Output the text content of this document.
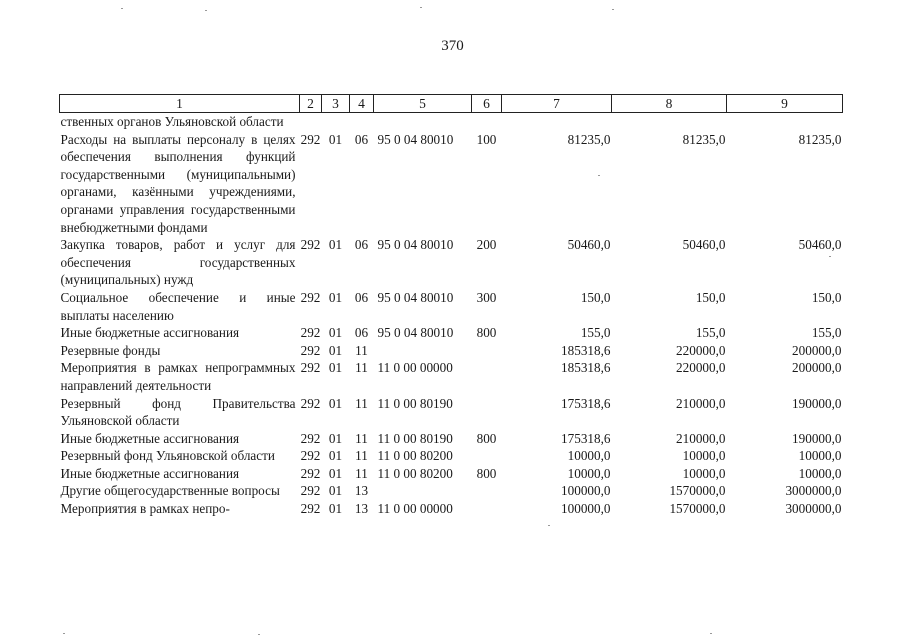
370
1	2	3	4	5	6	7	8	9
ственных органов Ульяновской области								
Расходы на выплаты персоналу в целях обеспечения выполнения функций государственными (муниципальными) органами, казёнными учреждениями, органами управления государственными внебюджетными фондами	292	01	06	95 0 04 80010	100	81235,0	81235,0	81235,0
Закупка товаров, работ и услуг для обеспечения государственных (муниципальных) нужд	292	01	06	95 0 04 80010	200	50460,0	50460,0	50460,0
Социальное обеспечение и иные выплаты населению	292	01	06	95 0 04 80010	300	150,0	150,0	150,0
Иные бюджетные ассигнования	292	01	06	95 0 04 80010	800	155,0	155,0	155,0
Резервные фонды	292	01	11			185318,6	220000,0	200000,0
Мероприятия в рамках непрограммных направлений деятельности	292	01	11	11 0 00 00000		185318,6	220000,0	200000,0
Резервный фонд Правительства Ульяновской области	292	01	11	11 0 00 80190		175318,6	210000,0	190000,0
Иные бюджетные ассигнования	292	01	11	11 0 00 80190	800	175318,6	210000,0	190000,0
Резервный фонд Ульяновской области	292	01	11	11 0 00 80200		10000,0	10000,0	10000,0
Иные бюджетные ассигнования	292	01	11	11 0 00 80200	800	10000,0	10000,0	10000,0
Другие общегосударственные вопросы	292	01	13			100000,0	1570000,0	3000000,0
Мероприятия в рамках непро-	292	01	13	11 0 00 00000		100000,0	1570000,0	3000000,0
